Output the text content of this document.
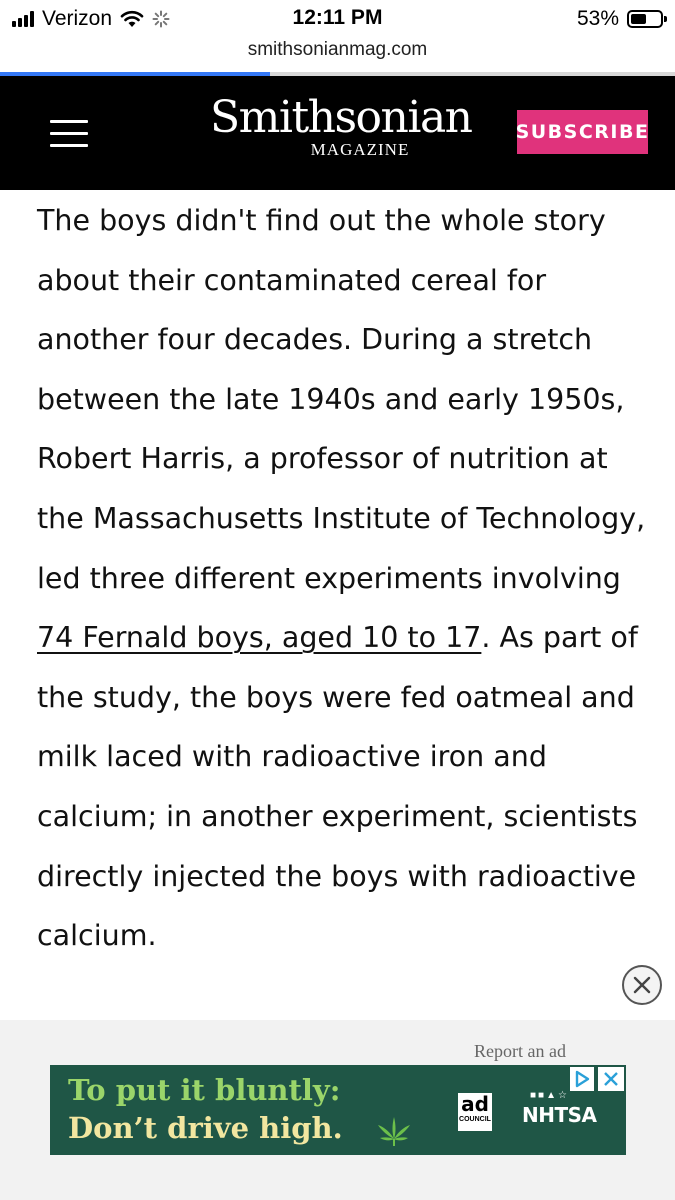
Verizon	12:11 PM	53%
smithsonianmag.com
Smithsonian
MAGAZINE
SUBSCRIBE
The boys didn't find out the whole story about their contaminated cereal for another four decades. During a stretch between the late 1940s and early 1950s, Robert Harris, a professor of nutrition at the Massachusetts Institute of Technology, led three different experiments involving 74 Fernald boys, aged 10 to 17. As part of the study, the boys were fed oatmeal and milk laced with radioactive iron and calcium; in another experiment, scientists directly injected the boys with radioactive calcium.
Report an ad
To put it bluntly:
Don’t drive high.
ad
COUNCIL
■■▲☆
NHTSA
